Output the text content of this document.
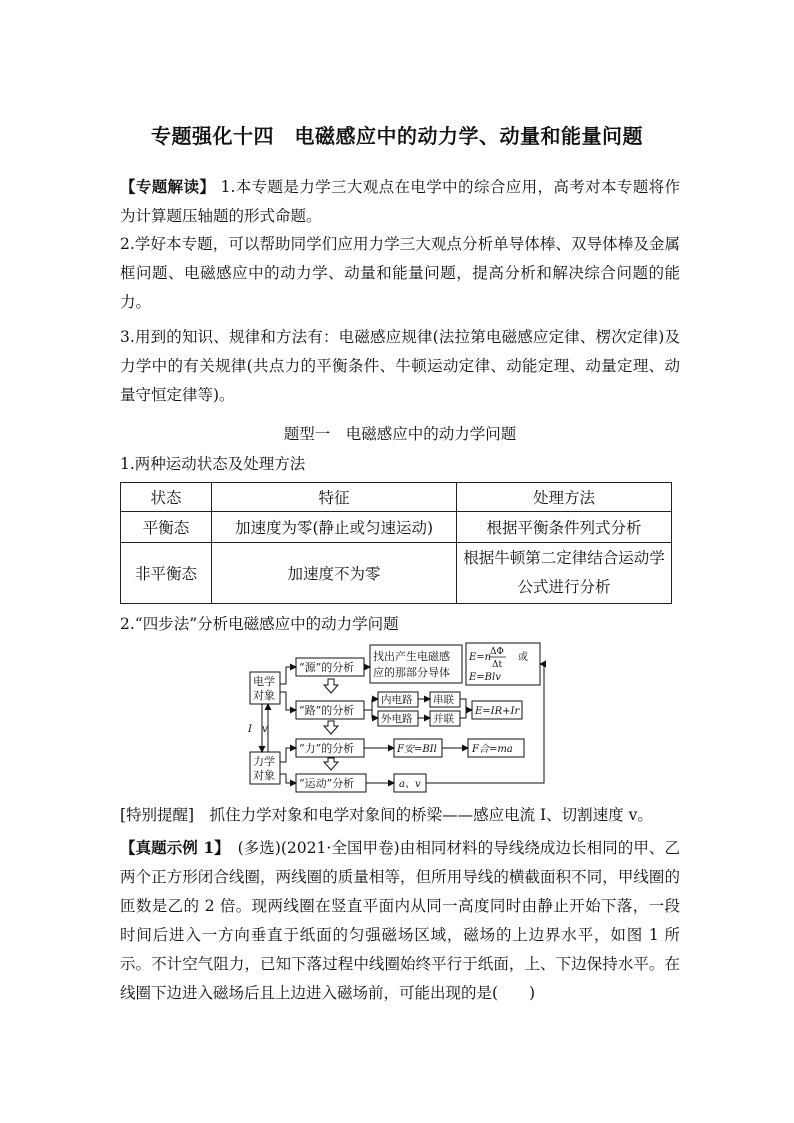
专题强化十四　电磁感应中的动力学、动量和能量问题
【专题解读】 1.本专题是力学三大观点在电学中的综合应用，高考对本专题将作为计算题压轴题的形式命题。
2.学好本专题，可以帮助同学们应用力学三大观点分析单导体棒、双导体棒及金属框问题、电磁感应中的动力学、动量和能量问题，提高分析和解决综合问题的能力。
3.用到的知识、规律和方法有：电磁感应规律(法拉第电磁感应定律、楞次定律)及力学中的有关规律(共点力的平衡条件、牛顿运动定律、动能定理、动量定理、动量守恒定律等)。
题型一　电磁感应中的动力学问题
1.两种运动状态及处理方法
状态	特征	处理方法
平衡态	加速度为零(静止或匀速运动)	根据平衡条件列式分析
非平衡态	加速度不为零	根据牛顿第二定律结合运动学公式进行分析
2.“四步法”分析电磁感应中的动力学问题
电学
对象
力学
对象
I　v
“源”的分析
“路”的分析
“力”的分析
“运动”分析
找出产生电磁感
应的那部分导体
E=n
ΔΦ
Δt
或
E=Blv
内电路
外电路
串联
并联
E=IR+Ir
F安=BIl	F合=ma
a、v
[特别提醒]　抓住力学对象和电学对象间的桥梁——感应电流 I、切割速度 v。
【真题示例 1】　(多选)(2021·全国甲卷)由相同材料的导线绕成边长相同的甲、乙两个正方形闭合线圈，两线圈的质量相等，但所用导线的横截面积不同，甲线圈的匝数是乙的 2 倍。现两线圈在竖直平面内从同一高度同时由静止开始下落，一段时间后进入一方向垂直于纸面的匀强磁场区域，磁场的上边界水平，如图 1 所示。不计空气阻力，已知下落过程中线圈始终平行于纸面，上、下边保持水平。在线圈下边进入磁场后且上边进入磁场前，可能出现的是(　　)
